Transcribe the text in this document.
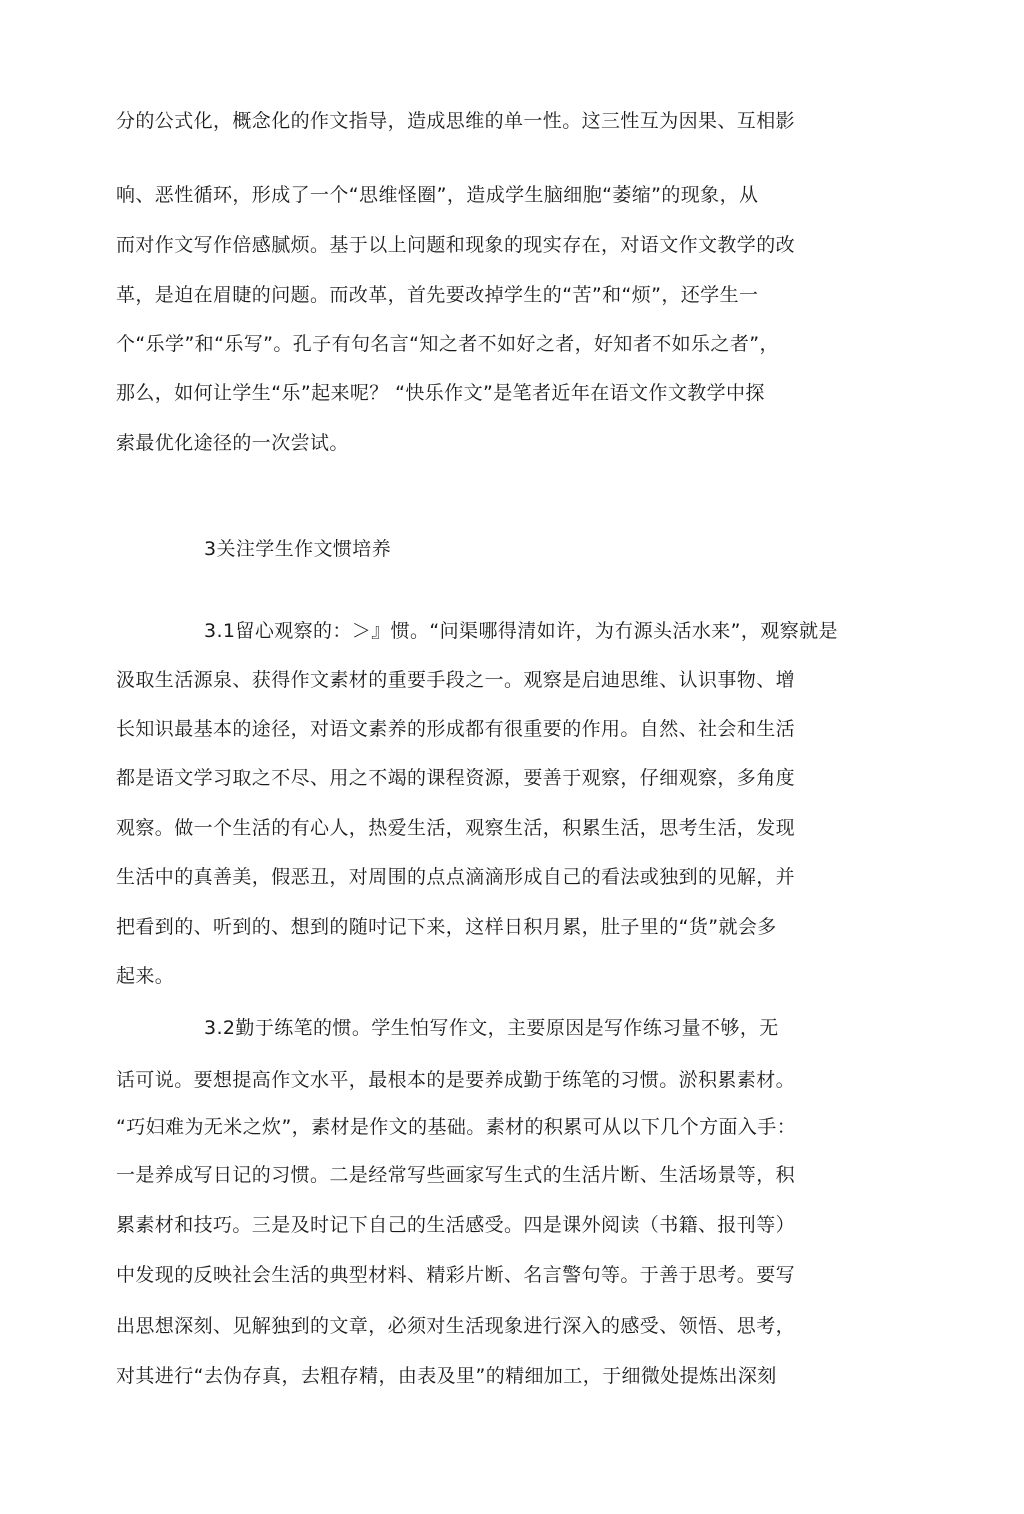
分的公式化，概念化的作文指导，造成思维的单一性。这三性互为因果、互相影
响、恶性循环，形成了一个“思维怪圈”，造成学生脑细胞“萎缩”的现象，从
而对作文写作倍感腻烦。基于以上问题和现象的现实存在，对语文作文教学的改
革，是迫在眉睫的问题。而改革，首先要改掉学生的“苦”和“烦”，还学生一
个“乐学”和“乐写”。孔子有句名言“知之者不如好之者，好知者不如乐之者”，
那么，如何让学生“乐”起来呢？ “快乐作文”是笔者近年在语文作文教学中探
索最优化途径的一次尝试。
3关注学生作文惯培养
3.1留心观察的：＞』惯。“问渠哪得清如许，为冇源头活水来”，观察就是
汲取生活源泉、获得作文素材的重要手段之一。观察是启迪思维、认识事物、增
长知识最基本的途径，对语文素养的形成都有很重要的作用。自然、社会和生活
都是语文学习取之不尽、用之不竭的课程资源，要善于观察，仔细观察，多角度
观察。做一个生活的有心人，热爱生活，观察生活，积累生活，思考生活，发现
生活中的真善美，假恶丑，对周围的点点滴滴形成自己的看法或独到的见解，并
把看到的、听到的、想到的随吋记下来，这样日积月累，肚子里的“货”就会多
起来。
3.2勤于练笔的惯。学生怕写作文，主要原因是写作练习量不够，无
话可说。要想提高作文水平，最根本的是要养成勤于练笔的习惯。淤积累素材。
“巧妇难为无米之炊”，素材是作文的基础。素材的积累可从以下几个方面入手：
一是养成写日记的习惯。二是经常写些画家写生式的生活片断、生活场景等，积
累素材和技巧。三是及时记下自己的生活感受。四是课外阅读（书籍、报刊等）
中发现的反映社会生活的典型材料、精彩片断、名言警句等。于善于思考。要写
出思想深刻、见解独到的文章，必须对生活现象进行深入的感受、领悟、思考，
对其进行“去伪存真，去粗存精，由表及里”的精细加工，于细微处提炼出深刻
